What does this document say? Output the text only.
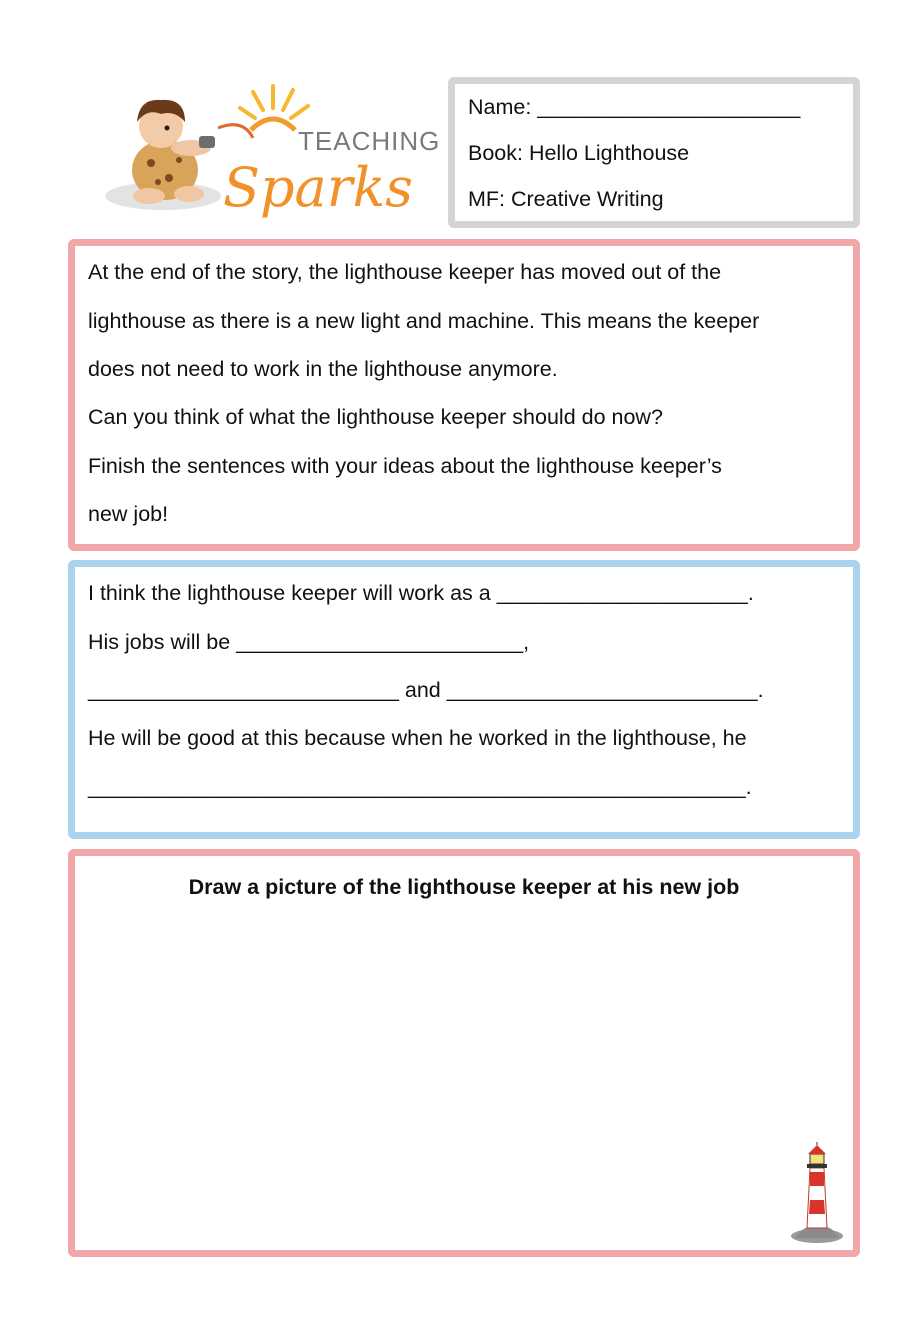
TEACHING
Sparks
Name: ______________________
Book: Hello Lighthouse
MF: Creative Writing
At the end of the story, the lighthouse keeper has moved out of the
lighthouse as there is a new light and machine. This means the keeper
does not need to work in the lighthouse anymore.
Can you think of what the lighthouse keeper should do now?
Finish the sentences with your ideas about the lighthouse keeper’s
new job!
I think the lighthouse keeper will work as a _____________________.
His jobs will be ________________________,
__________________________ and __________________________.
He will be good at this because when he worked in the lighthouse, he
_______________________________________________________.
Draw a picture of the lighthouse keeper at his new job
